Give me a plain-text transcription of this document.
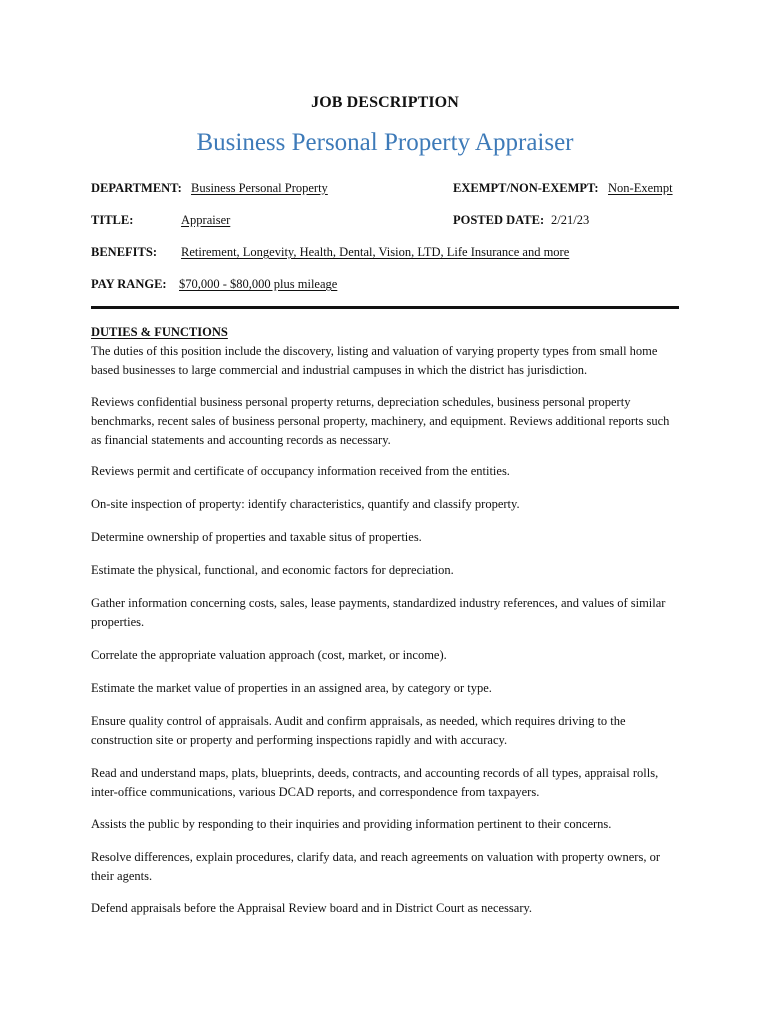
JOB DESCRIPTION
Business Personal Property Appraiser
DEPARTMENT: Business Personal Property	EXEMPT/NON-EXEMPT: Non-Exempt
TITLE:	Appraiser	POSTED DATE: 2/21/23
BENEFITS: Retirement, Longevity, Health, Dental, Vision, LTD, Life Insurance and more
PAY RANGE: $70,000 - $80,000 plus mileage
DUTIES & FUNCTIONS

The duties of this position include the discovery, listing and valuation of varying property types from small home based businesses to large commercial and industrial campuses in which the district has jurisdiction.

Reviews confidential business personal property returns, depreciation schedules, business personal property benchmarks, recent sales of business personal property, machinery, and equipment. Reviews additional reports such as financial statements and accounting records as necessary.

Reviews permit and certificate of occupancy information received from the entities.

On-site inspection of property: identify characteristics, quantify and classify property.

Determine ownership of properties and taxable situs of properties.

Estimate the physical, functional, and economic factors for depreciation.

Gather information concerning costs, sales, lease payments, standardized industry references, and values of similar properties.

Correlate the appropriate valuation approach (cost, market, or income).

Estimate the market value of properties in an assigned area, by category or type.

Ensure quality control of appraisals. Audit and confirm appraisals, as needed, which requires driving to the construction site or property and performing inspections rapidly and with accuracy.

Read and understand maps, plats, blueprints, deeds, contracts, and accounting records of all types, appraisal rolls, inter-office communications, various DCAD reports, and correspondence from taxpayers.

Assists the public by responding to their inquiries and providing information pertinent to their concerns.

Resolve differences, explain procedures, clarify data, and reach agreements on valuation with property owners, or their agents.

Defend appraisals before the Appraisal Review board and in District Court as necessary.
